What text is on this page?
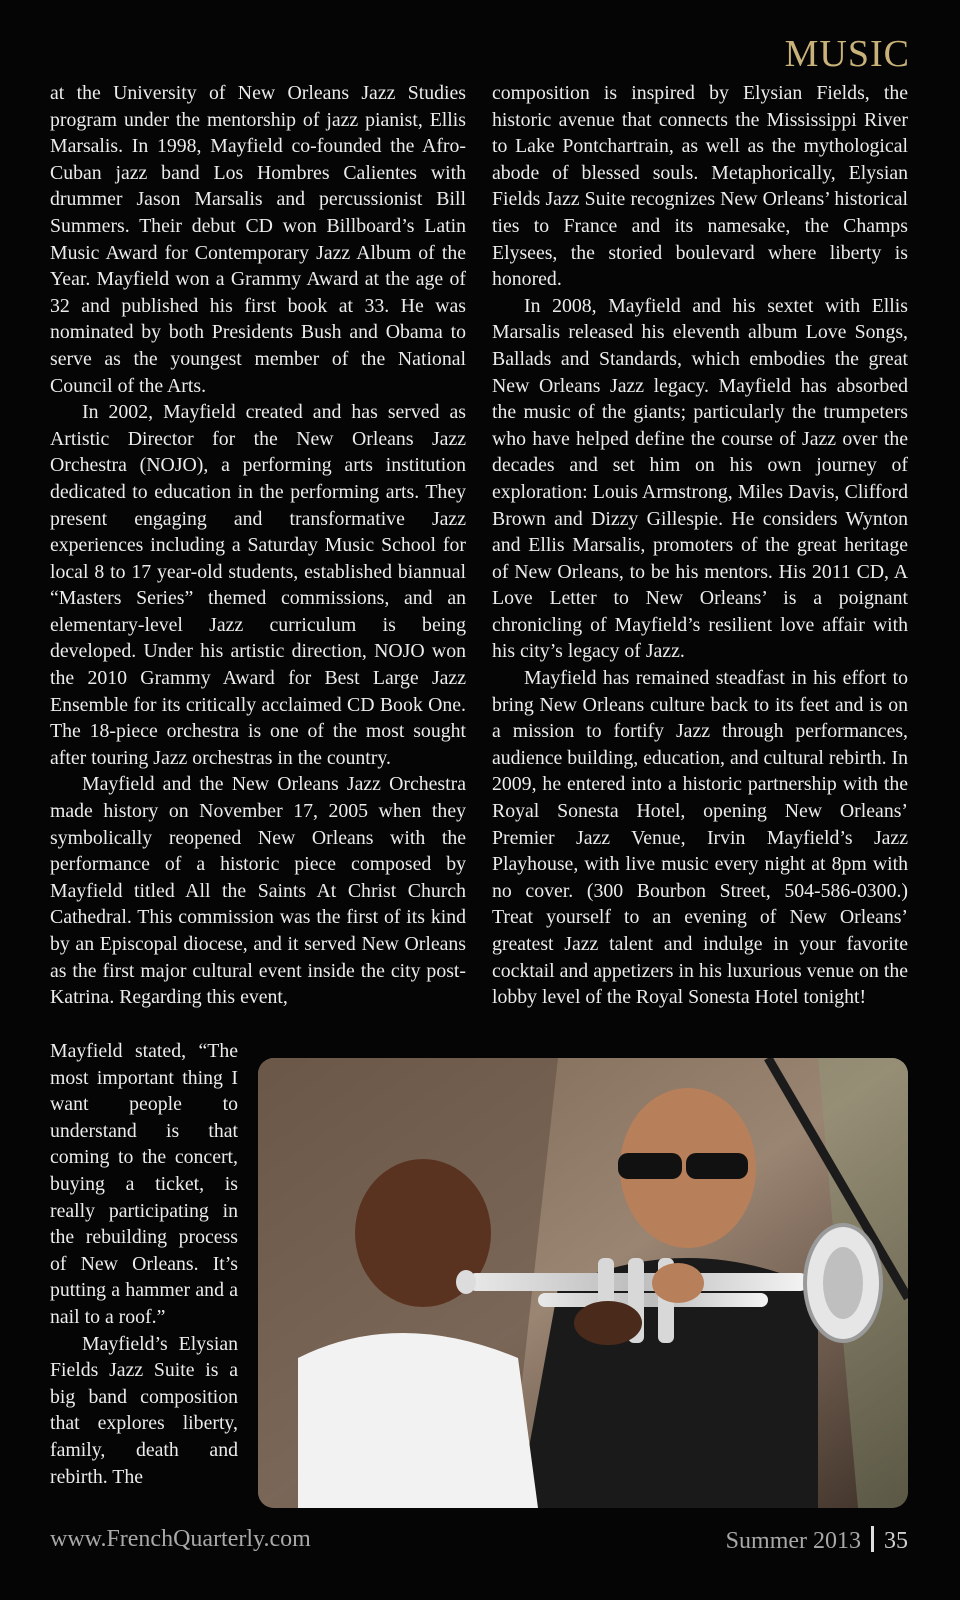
MUSIC

at the University of New Orleans Jazz Studies program under the mentorship of jazz pianist, Ellis Marsalis. In 1998, Mayfield co-founded the Afro-Cuban jazz band Los Hombres Calientes with drummer Jason Marsalis and percussionist Bill Summers. Their debut CD won Billboard’s Latin Music Award for Contemporary Jazz Album of the Year. Mayfield won a Grammy Award at the age of 32 and published his first book at 33. He was nominated by both Presidents Bush and Obama to serve as the youngest member of the National Council of the Arts.

In 2002, Mayfield created and has served as Artistic Director for the New Orleans Jazz Orchestra (NOJO), a performing arts institution dedicated to education in the performing arts. They present engaging and transformative Jazz experiences including a Saturday Music School for local 8 to 17 year-old students, established biannual “Masters Series” themed commissions, and an elementary-level Jazz curriculum is being developed. Under his artistic direction, NOJO won the 2010 Grammy Award for Best Large Jazz Ensemble for its critically acclaimed CD Book One. The 18-piece orchestra is one of the most sought after touring Jazz orchestras in the country.

Mayfield and the New Orleans Jazz Orchestra made history on November 17, 2005 when they symbolically reopened New Orleans with the performance of a historic piece composed by Mayfield titled All the Saints At Christ Church Cathedral. This commission was the first of its kind by an Episcopal diocese, and it served New Orleans as the first major cultural event inside the city post-Katrina. Regarding this event,

Mayfield stated, “The most important thing I want people to understand is that coming to the concert, buying a ticket, is really participating in the rebuilding process of New Orleans. It’s putting a hammer and a nail to a roof.”

Mayfield’s Elysian Fields Jazz Suite is a big band composition that explores liberty, family, death and rebirth. The

composition is inspired by Elysian Fields, the historic avenue that connects the Mississippi River to Lake Pontchartrain, as well as the mythological abode of blessed souls. Metaphorically, Elysian Fields Jazz Suite recognizes New Orleans’ historical ties to France and its namesake, the Champs Elysees, the storied boulevard where liberty is honored.

In 2008, Mayfield and his sextet with Ellis Marsalis released his eleventh album Love Songs, Ballads and Standards, which embodies the great New Orleans Jazz legacy. Mayfield has absorbed the music of the giants; particularly the trumpeters who have helped define the course of Jazz over the decades and set him on his own journey of exploration: Louis Armstrong, Miles Davis, Clifford Brown and Dizzy Gillespie. He considers Wynton and Ellis Marsalis, promoters of the great heritage of New Orleans, to be his mentors. His 2011 CD, A Love Letter to New Orleans’ is a poignant chronicling of Mayfield’s resilient love affair with his city’s legacy of Jazz.

Mayfield has remained steadfast in his effort to bring New Orleans culture back to its feet and is on a mission to fortify Jazz through performances, audience building, education, and cultural rebirth. In 2009, he entered into a historic partnership with the Royal Sonesta Hotel, opening New Orleans’ Premier Jazz Venue, Irvin Mayfield’s Jazz Playhouse, with live music every night at 8pm with no cover. (300 Bourbon Street, 504-586-0300.) Treat yourself to an evening of New Orleans’ greatest Jazz talent and indulge in your favorite cocktail and appetizers in his luxurious venue on the lobby level of the Royal Sonesta Hotel tonight!

www.FrenchQuarterly.com	Summer 2013 35
